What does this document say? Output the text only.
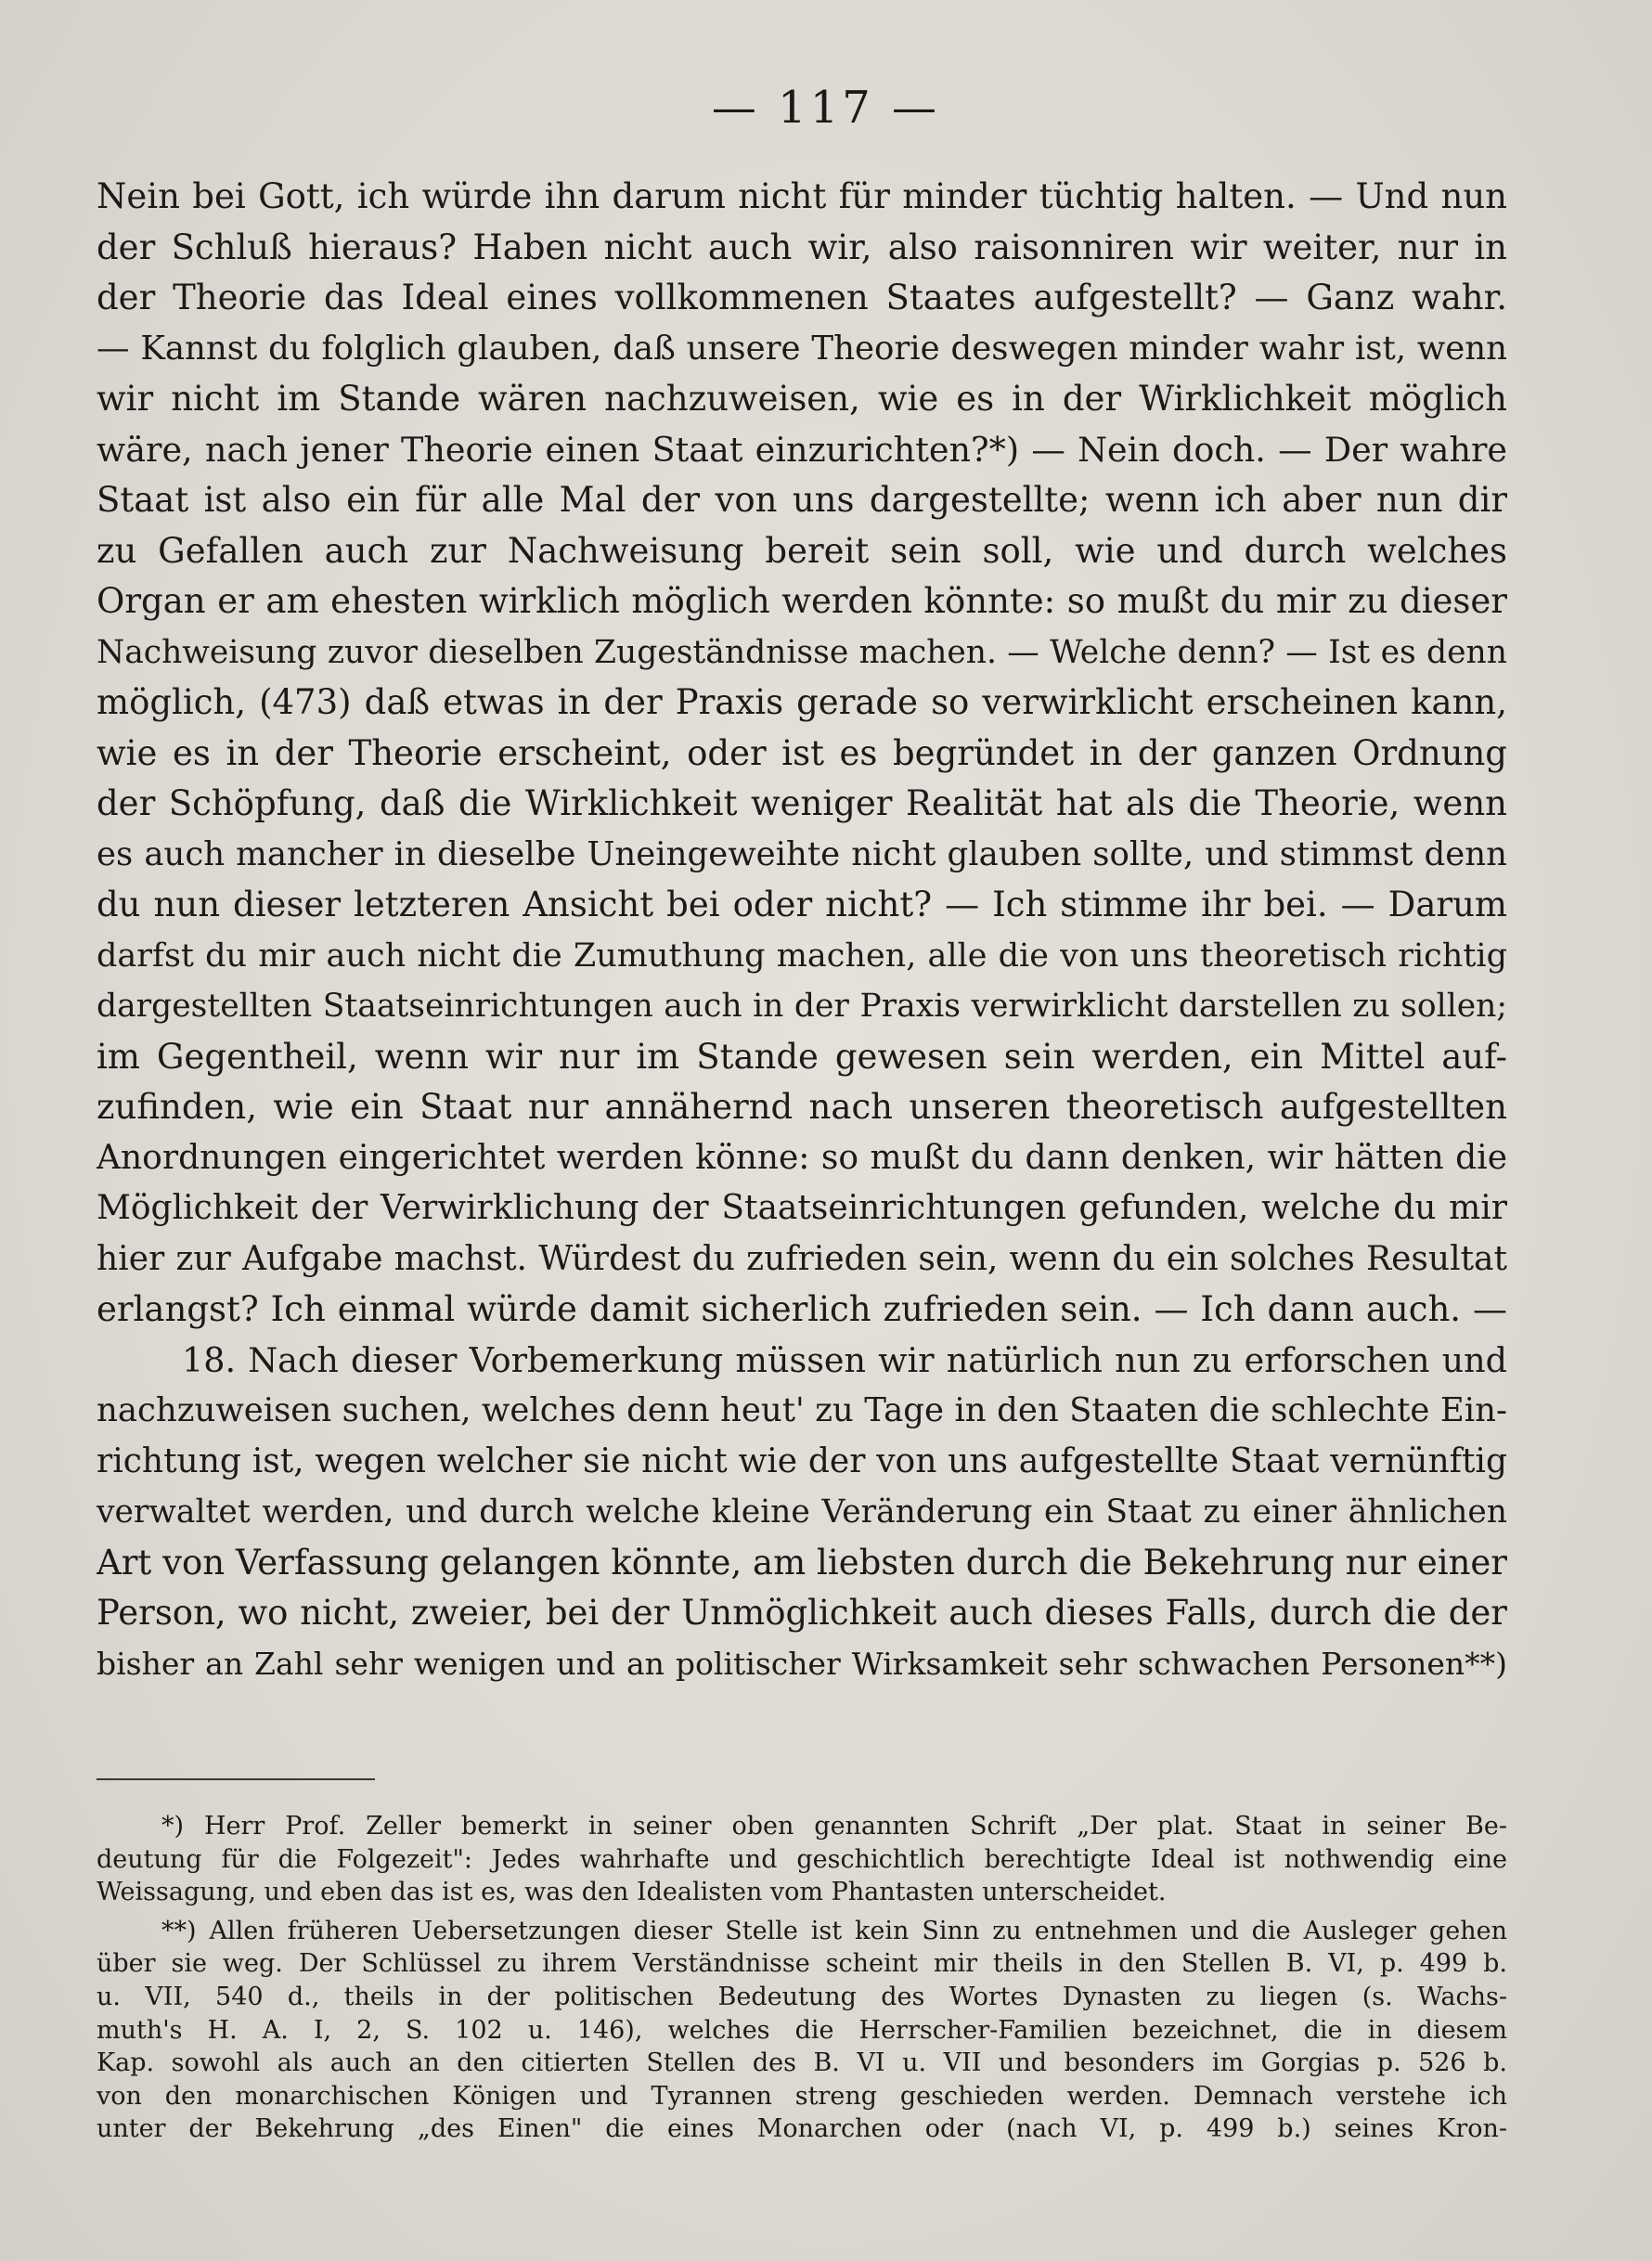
— 117 —
Nein bei Gott, ich würde ihn darum nicht für minder tüchtig halten. — Und nun
der Schluß hieraus? Haben nicht auch wir, also raisonniren wir weiter, nur in
der Theorie das Ideal eines vollkommenen Staates aufgestellt? — Ganz wahr.
— Kannst du folglich glauben, daß unsere Theorie deswegen minder wahr ist, wenn
wir nicht im Stande wären nachzuweisen, wie es in der Wirklichkeit möglich
wäre, nach jener Theorie einen Staat einzurichten?*) — Nein doch. — Der wahre
Staat ist also ein für alle Mal der von uns dargestellte; wenn ich aber nun dir
zu Gefallen auch zur Nachweisung bereit sein soll, wie und durch welches
Organ er am ehesten wirklich möglich werden könnte: so mußt du mir zu dieser
Nachweisung zuvor dieselben Zugeständnisse machen. — Welche denn? — Ist es denn
möglich, (473) daß etwas in der Praxis gerade so verwirklicht erscheinen kann,
wie es in der Theorie erscheint, oder ist es begründet in der ganzen Ordnung
der Schöpfung, daß die Wirklichkeit weniger Realität hat als die Theorie, wenn
es auch mancher in dieselbe Uneingeweihte nicht glauben sollte, und stimmst denn
du nun dieser letzteren Ansicht bei oder nicht? — Ich stimme ihr bei. — Darum
darfst du mir auch nicht die Zumuthung machen, alle die von uns theoretisch richtig
dargestellten Staatseinrichtungen auch in der Praxis verwirklicht darstellen zu sollen;
im Gegentheil, wenn wir nur im Stande gewesen sein werden, ein Mittel auf-
zufinden, wie ein Staat nur annähernd nach unseren theoretisch aufgestellten
Anordnungen eingerichtet werden könne: so mußt du dann denken, wir hätten die
Möglichkeit der Verwirklichung der Staatseinrichtungen gefunden, welche du mir
hier zur Aufgabe machst. Würdest du zufrieden sein, wenn du ein solches Resultat
erlangst? Ich einmal würde damit sicherlich zufrieden sein. — Ich dann auch. —
18. Nach dieser Vorbemerkung müssen wir natürlich nun zu erforschen und
nachzuweisen suchen, welches denn heut' zu Tage in den Staaten die schlechte Ein-
richtung ist, wegen welcher sie nicht wie der von uns aufgestellte Staat vernünftig
verwaltet werden, und durch welche kleine Veränderung ein Staat zu einer ähnlichen
Art von Verfassung gelangen könnte, am liebsten durch die Bekehrung nur einer
Person, wo nicht, zweier, bei der Unmöglichkeit auch dieses Falls, durch die der
bisher an Zahl sehr wenigen und an politischer Wirksamkeit sehr schwachen Personen**)
*) Herr Prof. Zeller bemerkt in seiner oben genannten Schrift „Der plat. Staat in seiner Be-
deutung für die Folgezeit": Jedes wahrhafte und geschichtlich berechtigte Ideal ist nothwendig eine
Weissagung, und eben das ist es, was den Idealisten vom Phantasten unterscheidet.
**) Allen früheren Uebersetzungen dieser Stelle ist kein Sinn zu entnehmen und die Ausleger gehen
über sie weg. Der Schlüssel zu ihrem Verständnisse scheint mir theils in den Stellen B. VI, p. 499 b.
u. VII, 540 d., theils in der politischen Bedeutung des Wortes Dynasten zu liegen (s. Wachs-
muth's H. A. I, 2, S. 102 u. 146), welches die Herrscher-Familien bezeichnet, die in diesem
Kap. sowohl als auch an den citierten Stellen des B. VI u. VII und besonders im Gorgias p. 526 b.
von den monarchischen Königen und Tyrannen streng geschieden werden. Demnach verstehe ich
unter der Bekehrung „des Einen" die eines Monarchen oder (nach VI, p. 499 b.) seines Kron-
